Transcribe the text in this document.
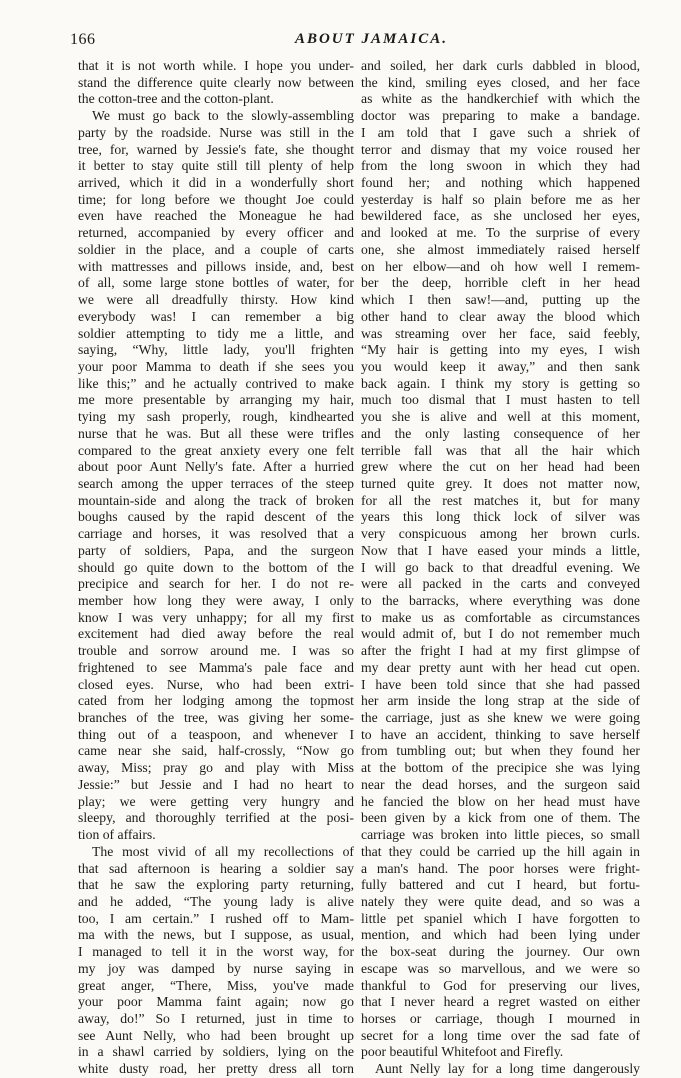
166	ABOUT JAMAICA.
that it is not worth while. I hope you under-
stand the difference quite clearly now between
the cotton-tree and the cotton-plant.
We must go back to the slowly-assembling
party by the roadside. Nurse was still in the
tree, for, warned by Jessie's fate, she thought
it better to stay quite still till plenty of help
arrived, which it did in a wonderfully short
time; for long before we thought Joe could
even have reached the Moneague he had
returned, accompanied by every officer and
soldier in the place, and a couple of carts
with mattresses and pillows inside, and, best
of all, some large stone bottles of water, for
we were all dreadfully thirsty. How kind
everybody was! I can remember a big
soldier attempting to tidy me a little, and
saying, “Why, little lady, you'll frighten
your poor Mamma to death if she sees you
like this;” and he actually contrived to make
me more presentable by arranging my hair,
tying my sash properly, rough, kindhearted
nurse that he was. But all these were trifles
compared to the great anxiety every one felt
about poor Aunt Nelly's fate. After a hurried
search among the upper terraces of the steep
mountain-side and along the track of broken
boughs caused by the rapid descent of the
carriage and horses, it was resolved that a
party of soldiers, Papa, and the surgeon
should go quite down to the bottom of the
precipice and search for her. I do not re-
member how long they were away, I only
know I was very unhappy; for all my first
excitement had died away before the real
trouble and sorrow around me. I was so
frightened to see Mamma's pale face and
closed eyes. Nurse, who had been extri-
cated from her lodging among the topmost
branches of the tree, was giving her some-
thing out of a teaspoon, and whenever I
came near she said, half-crossly, “Now go
away, Miss; pray go and play with Miss
Jessie:” but Jessie and I had no heart to
play; we were getting very hungry and
sleepy, and thoroughly terrified at the posi-
tion of affairs.
The most vivid of all my recollections of
that sad afternoon is hearing a soldier say
that he saw the exploring party returning,
and he added, “The young lady is alive
too, I am certain.” I rushed off to Mam-
ma with the news, but I suppose, as usual,
I managed to tell it in the worst way, for
my joy was damped by nurse saying in
great anger, “There, Miss, you've made
your poor Mamma faint again; now go
away, do!” So I returned, just in time to
see Aunt Nelly, who had been brought up
in a shawl carried by soldiers, lying on the
white dusty road, her pretty dress all torn
and soiled, her dark curls dabbled in blood,
the kind, smiling eyes closed, and her face
as white as the handkerchief with which the
doctor was preparing to make a bandage.
I am told that I gave such a shriek of
terror and dismay that my voice roused her
from the long swoon in which they had
found her; and nothing which happened
yesterday is half so plain before me as her
bewildered face, as she unclosed her eyes,
and looked at me. To the surprise of every
one, she almost immediately raised herself
on her elbow—and oh how well I remem-
ber the deep, horrible cleft in her head
which I then saw!—and, putting up the
other hand to clear away the blood which
was streaming over her face, said feebly,
“My hair is getting into my eyes, I wish
you would keep it away,” and then sank
back again. I think my story is getting so
much too dismal that I must hasten to tell
you she is alive and well at this moment,
and the only lasting consequence of her
terrible fall was that all the hair which
grew where the cut on her head had been
turned quite grey. It does not matter now,
for all the rest matches it, but for many
years this long thick lock of silver was
very conspicuous among her brown curls.
Now that I have eased your minds a little,
I will go back to that dreadful evening. We
were all packed in the carts and conveyed
to the barracks, where everything was done
to make us as comfortable as circumstances
would admit of, but I do not remember much
after the fright I had at my first glimpse of
my dear pretty aunt with her head cut open.
I have been told since that she had passed
her arm inside the long strap at the side of
the carriage, just as she knew we were going
to have an accident, thinking to save herself
from tumbling out; but when they found her
at the bottom of the precipice she was lying
near the dead horses, and the surgeon said
he fancied the blow on her head must have
been given by a kick from one of them. The
carriage was broken into little pieces, so small
that they could be carried up the hill again in
a man's hand. The poor horses were fright-
fully battered and cut I heard, but fortu-
nately they were quite dead, and so was a
little pet spaniel which I have forgotten to
mention, and which had been lying under
the box-seat during the journey. Our own
escape was so marvellous, and we were so
thankful to God for preserving our lives,
that I never heard a regret wasted on either
horses or carriage, though I mourned in
secret for a long time over the sad fate of
poor beautiful Whitefoot and Firefly.
Aunt Nelly lay for a long time dangerously
